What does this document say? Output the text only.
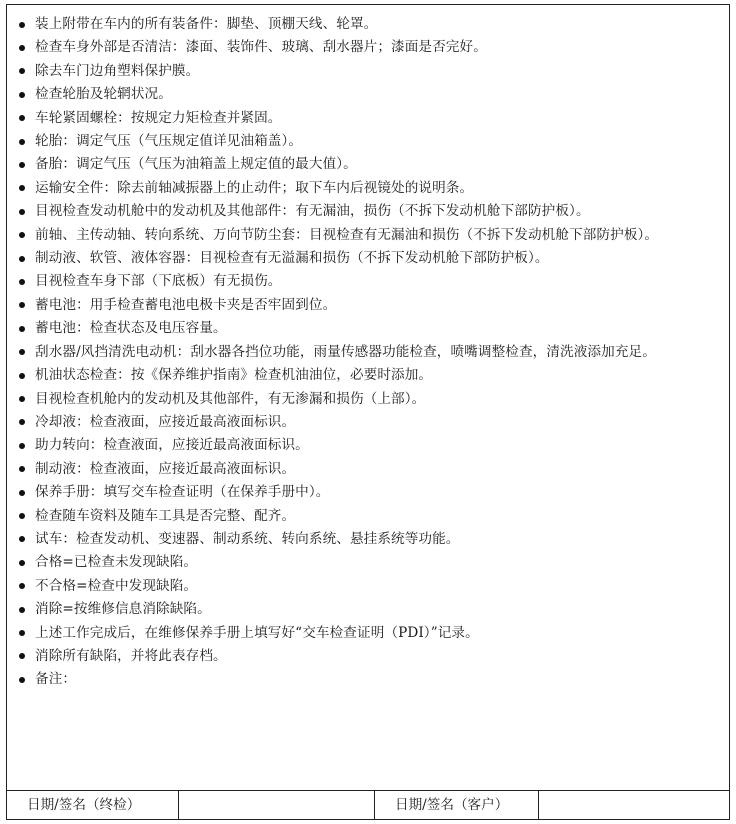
装上附带在车内的所有装备件：脚垫、顶棚天线、轮罩。
检查车身外部是否清洁：漆面、装饰件、玻璃、刮水器片；漆面是否完好。
除去车门边角塑料保护膜。
检查轮胎及轮辋状况。
车轮紧固螺栓：按规定力矩检查并紧固。
轮胎：调定气压（气压规定值详见油箱盖）。
备胎：调定气压（气压为油箱盖上规定值的最大值）。
运输安全件：除去前轴减振器上的止动件；取下车内后视镜处的说明条。
目视检查发动机舱中的发动机及其他部件：有无漏油，损伤（不拆下发动机舱下部防护板）。
前轴、主传动轴、转向系统、万向节防尘套：目视检查有无漏油和损伤（不拆下发动机舱下部防护板）。
制动液、软管、液体容器：目视检查有无溢漏和损伤（不拆下发动机舱下部防护板）。
目视检查车身下部（下底板）有无损伤。
蓄电池：用手检查蓄电池电极卡夹是否牢固到位。
蓄电池：检查状态及电压容量。
刮水器/风挡清洗电动机：刮水器各挡位功能，雨量传感器功能检查，喷嘴调整检查，清洗液添加充足。
机油状态检查：按《保养维护指南》检查机油油位，必要时添加。
目视检查机舱内的发动机及其他部件，有无渗漏和损伤（上部）。
冷却液：检查液面，应接近最高液面标识。
助力转向：检查液面，应接近最高液面标识。
制动液：检查液面，应接近最高液面标识。
保养手册：填写交车检查证明（在保养手册中）。
检查随车资料及随车工具是否完整、配齐。
试车：检查发动机、变速器、制动系统、转向系统、悬挂系统等功能。
合格=已检查未发现缺陷。
不合格=检查中发现缺陷。
消除=按维修信息消除缺陷。
上述工作完成后，在维修保养手册上填写好“交车检查证明（PDI）”记录。
消除所有缺陷，并将此表存档。
备注：
日期/签名（终检）	日期/签名（客户）
